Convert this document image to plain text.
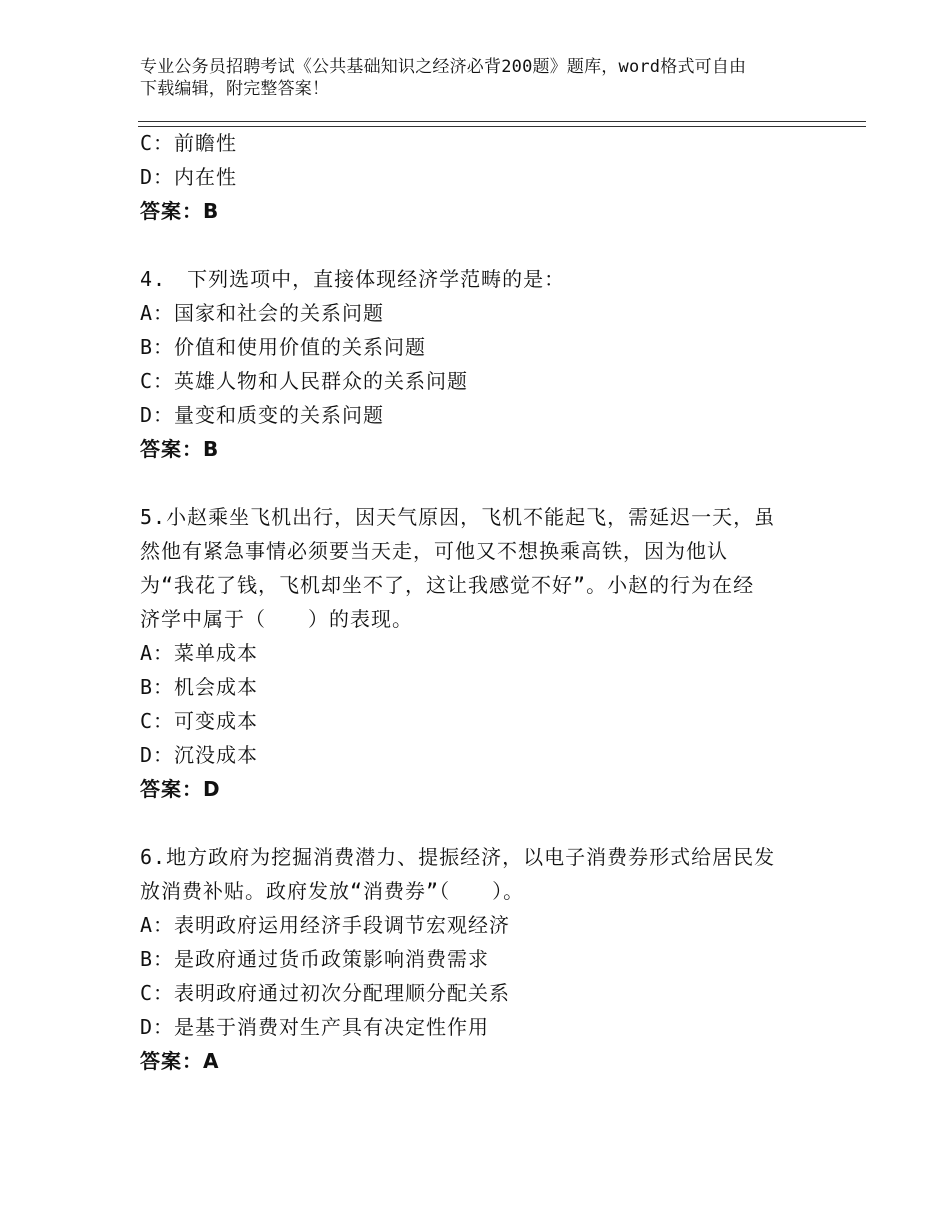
专业公务员招聘考试《公共基础知识之经济必背200题》题库，word格式可自由
下载编辑，附完整答案！
C：前瞻性
D：内在性
答案：B
4.　下列选项中，直接体现经济学范畴的是：
A：国家和社会的关系问题
B：价值和使用价值的关系问题
C：英雄人物和人民群众的关系问题
D：量变和质变的关系问题
答案：B
5.小赵乘坐飞机出行，因天气原因，飞机不能起飞，需延迟一天，虽
然他有紧急事情必须要当天走，可他又不想换乘高铁，因为他认
为“我花了钱，飞机却坐不了，这让我感觉不好”。小赵的行为在经
济学中属于（　　）的表现。
A：菜单成本
B：机会成本
C：可变成本
D：沉没成本
答案：D
6.地方政府为挖掘消费潜力、提振经济，以电子消费券形式给居民发
放消费补贴。政府发放“消费券”（　　）。
A：表明政府运用经济手段调节宏观经济
B：是政府通过货币政策影响消费需求
C：表明政府通过初次分配理顺分配关系
D：是基于消费对生产具有决定性作用
答案：A
